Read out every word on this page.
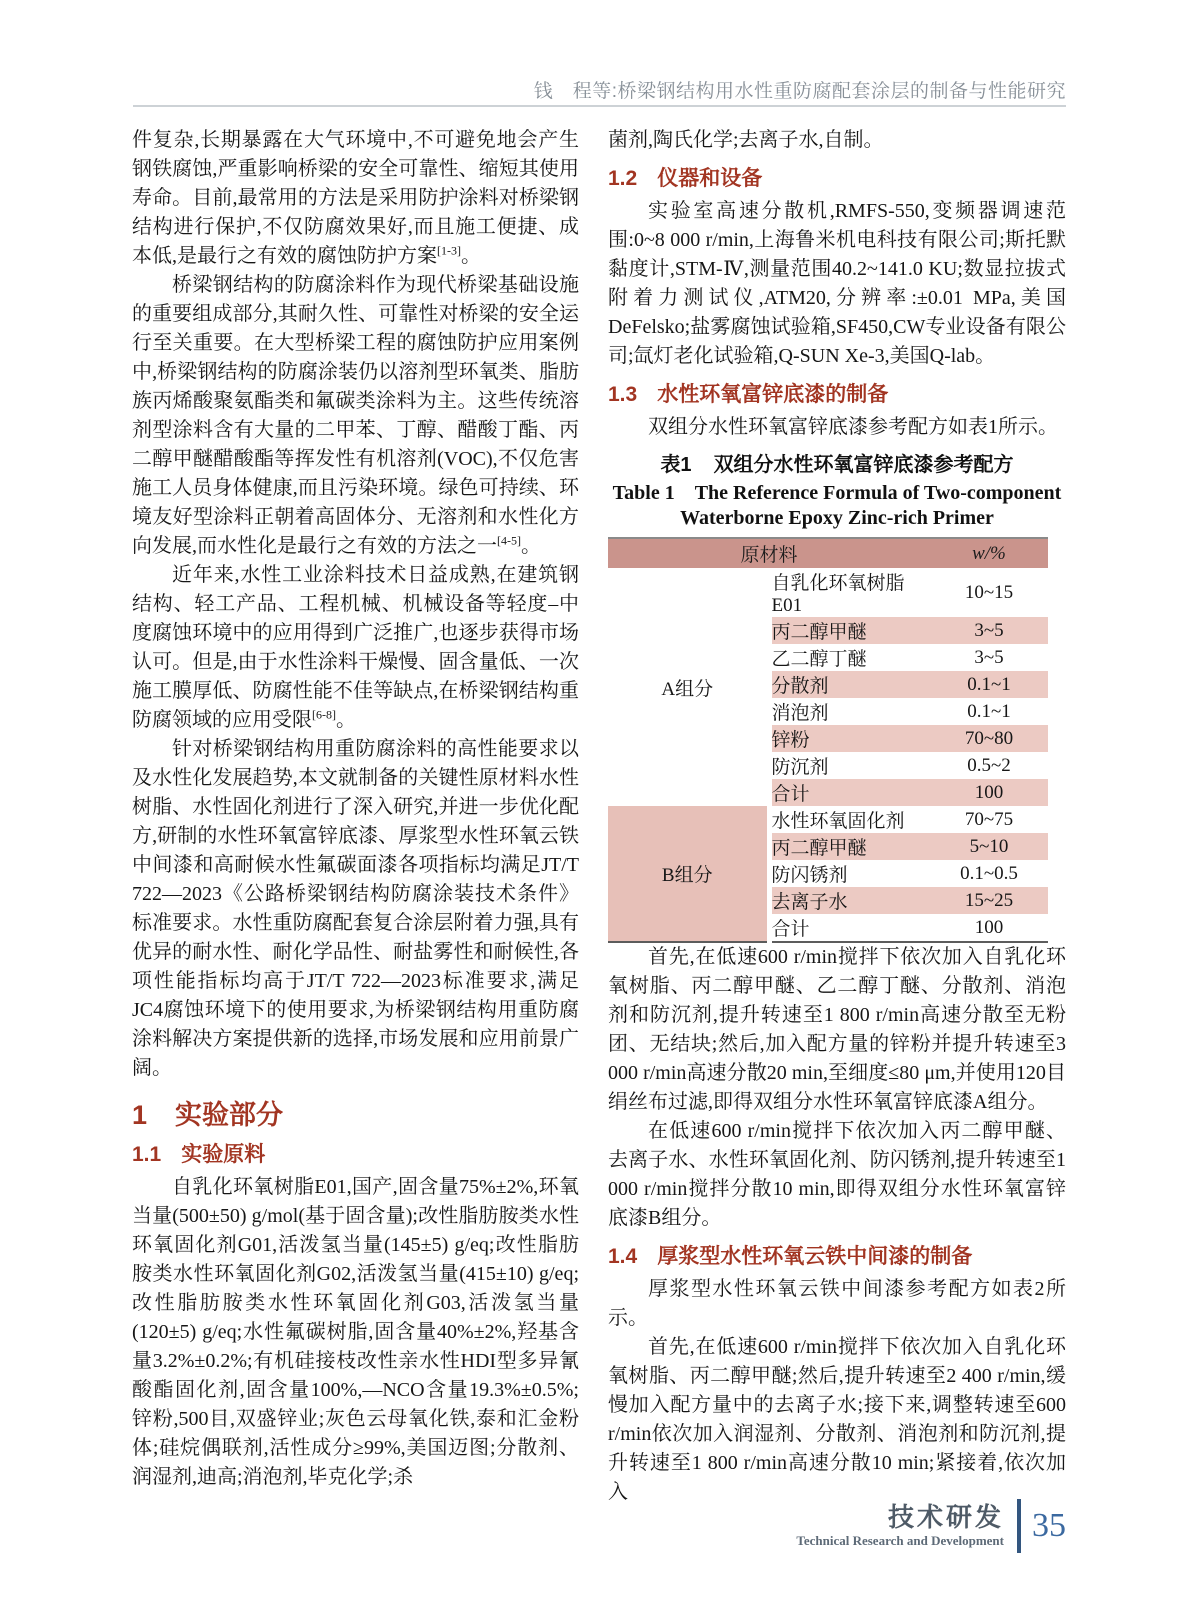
钱　程等:桥梁钢结构用水性重防腐配套涂层的制备与性能研究

件复杂,长期暴露在大气环境中,不可避免地会产生钢铁腐蚀,严重影响桥梁的安全可靠性、缩短其使用寿命。目前,最常用的方法是采用防护涂料对桥梁钢结构进行保护,不仅防腐效果好,而且施工便捷、成本低,是最行之有效的腐蚀防护方案[1-3]。

桥梁钢结构的防腐涂料作为现代桥梁基础设施的重要组成部分,其耐久性、可靠性对桥梁的安全运行至关重要。在大型桥梁工程的腐蚀防护应用案例中,桥梁钢结构的防腐涂装仍以溶剂型环氧类、脂肪族丙烯酸聚氨酯类和氟碳类涂料为主。这些传统溶剂型涂料含有大量的二甲苯、丁醇、醋酸丁酯、丙二醇甲醚醋酸酯等挥发性有机溶剂(VOC),不仅危害施工人员身体健康,而且污染环境。绿色可持续、环境友好型涂料正朝着高固体分、无溶剂和水性化方向发展,而水性化是最行之有效的方法之一[4-5]。

近年来,水性工业涂料技术日益成熟,在建筑钢结构、轻工产品、工程机械、机械设备等轻度–中度腐蚀环境中的应用得到广泛推广,也逐步获得市场认可。但是,由于水性涂料干燥慢、固含量低、一次施工膜厚低、防腐性能不佳等缺点,在桥梁钢结构重防腐领域的应用受限[6-8]。

针对桥梁钢结构用重防腐涂料的高性能要求以及水性化发展趋势,本文就制备的关键性原材料水性树脂、水性固化剂进行了深入研究,并进一步优化配方,研制的水性环氧富锌底漆、厚浆型水性环氧云铁中间漆和高耐候水性氟碳面漆各项指标均满足JT/T 722—2023《公路桥梁钢结构防腐涂装技术条件》标准要求。水性重防腐配套复合涂层附着力强,具有优异的耐水性、耐化学品性、耐盐雾性和耐候性,各项性能指标均高于JT/T 722—2023标准要求,满足JC4腐蚀环境下的使用要求,为桥梁钢结构用重防腐涂料解决方案提供新的选择,市场发展和应用前景广阔。

1 实验部分
1.1 实验原料

自乳化环氧树脂E01,国产,固含量75%±2%,环氧当量(500±50) g/mol(基于固含量);改性脂肪胺类水性环氧固化剂G01,活泼氢当量(145±5) g/eq;改性脂肪胺类水性环氧固化剂G02,活泼氢当量(415±10) g/eq;改性脂肪胺类水性环氧固化剂G03,活泼氢当量(120±5) g/eq;水性氟碳树脂,固含量40%±2%,羟基含量3.2%±0.2%;有机硅接枝改性亲水性HDI型多异氰酸酯固化剂,固含量100%,—NCO含量19.3%±0.5%;锌粉,500目,双盛锌业;灰色云母氧化铁,泰和汇金粉体;硅烷偶联剂,活性成分≥99%,美国迈图;分散剂、润湿剂,迪高;消泡剂,毕克化学;杀

菌剂,陶氏化学;去离子水,自制。

1.2 仪器和设备

实验室高速分散机,RMFS-550,变频器调速范围:0~8 000 r/min,上海鲁米机电科技有限公司;斯托默黏度计,STM-Ⅳ,测量范围40.2~141.0 KU;数显拉拔式附着力测试仪,ATM20,分辨率:±0.01 MPa,美国DeFelsko;盐雾腐蚀试验箱,SF450,CW专业设备有限公司;氙灯老化试验箱,Q-SUN Xe-3,美国Q-lab。

1.3 水性环氧富锌底漆的制备

双组分水性环氧富锌底漆参考配方如表1所示。

表1 双组分水性环氧富锌底漆参考配方
Table 1 The Reference Formula of Two-component
Waterborne Epoxy Zinc-rich Primer
原材料		w/%
A组分	自乳化环氧树脂E01	10~15
	丙二醇甲醚	3~5
	乙二醇丁醚	3~5
	分散剂	0.1~1
	消泡剂	0.1~1
	锌粉	70~80
	防沉剂	0.5~2
	合计	100
B组分	水性环氧固化剂	70~75
	丙二醇甲醚	5~10
	防闪锈剂	0.1~0.5
	去离子水	15~25
	合计	100

首先,在低速600 r/min搅拌下依次加入自乳化环氧树脂、丙二醇甲醚、乙二醇丁醚、分散剂、消泡剂和防沉剂,提升转速至1 800 r/min高速分散至无粉团、无结块;然后,加入配方量的锌粉并提升转速至3 000 r/min高速分散20 min,至细度≤80 μm,并使用120目绢丝布过滤,即得双组分水性环氧富锌底漆A组分。

在低速600 r/min搅拌下依次加入丙二醇甲醚、去离子水、水性环氧固化剂、防闪锈剂,提升转速至1 000 r/min搅拌分散10 min,即得双组分水性环氧富锌底漆B组分。

1.4 厚浆型水性环氧云铁中间漆的制备

厚浆型水性环氧云铁中间漆参考配方如表2所示。

首先,在低速600 r/min搅拌下依次加入自乳化环氧树脂、丙二醇甲醚;然后,提升转速至2 400 r/min,缓慢加入配方量中的去离子水;接下来,调整转速至600 r/min依次加入润湿剂、分散剂、消泡剂和防沉剂,提升转速至1 800 r/min高速分散10 min;紧接着,依次加入

技术研发
Technical Research and Development 35
